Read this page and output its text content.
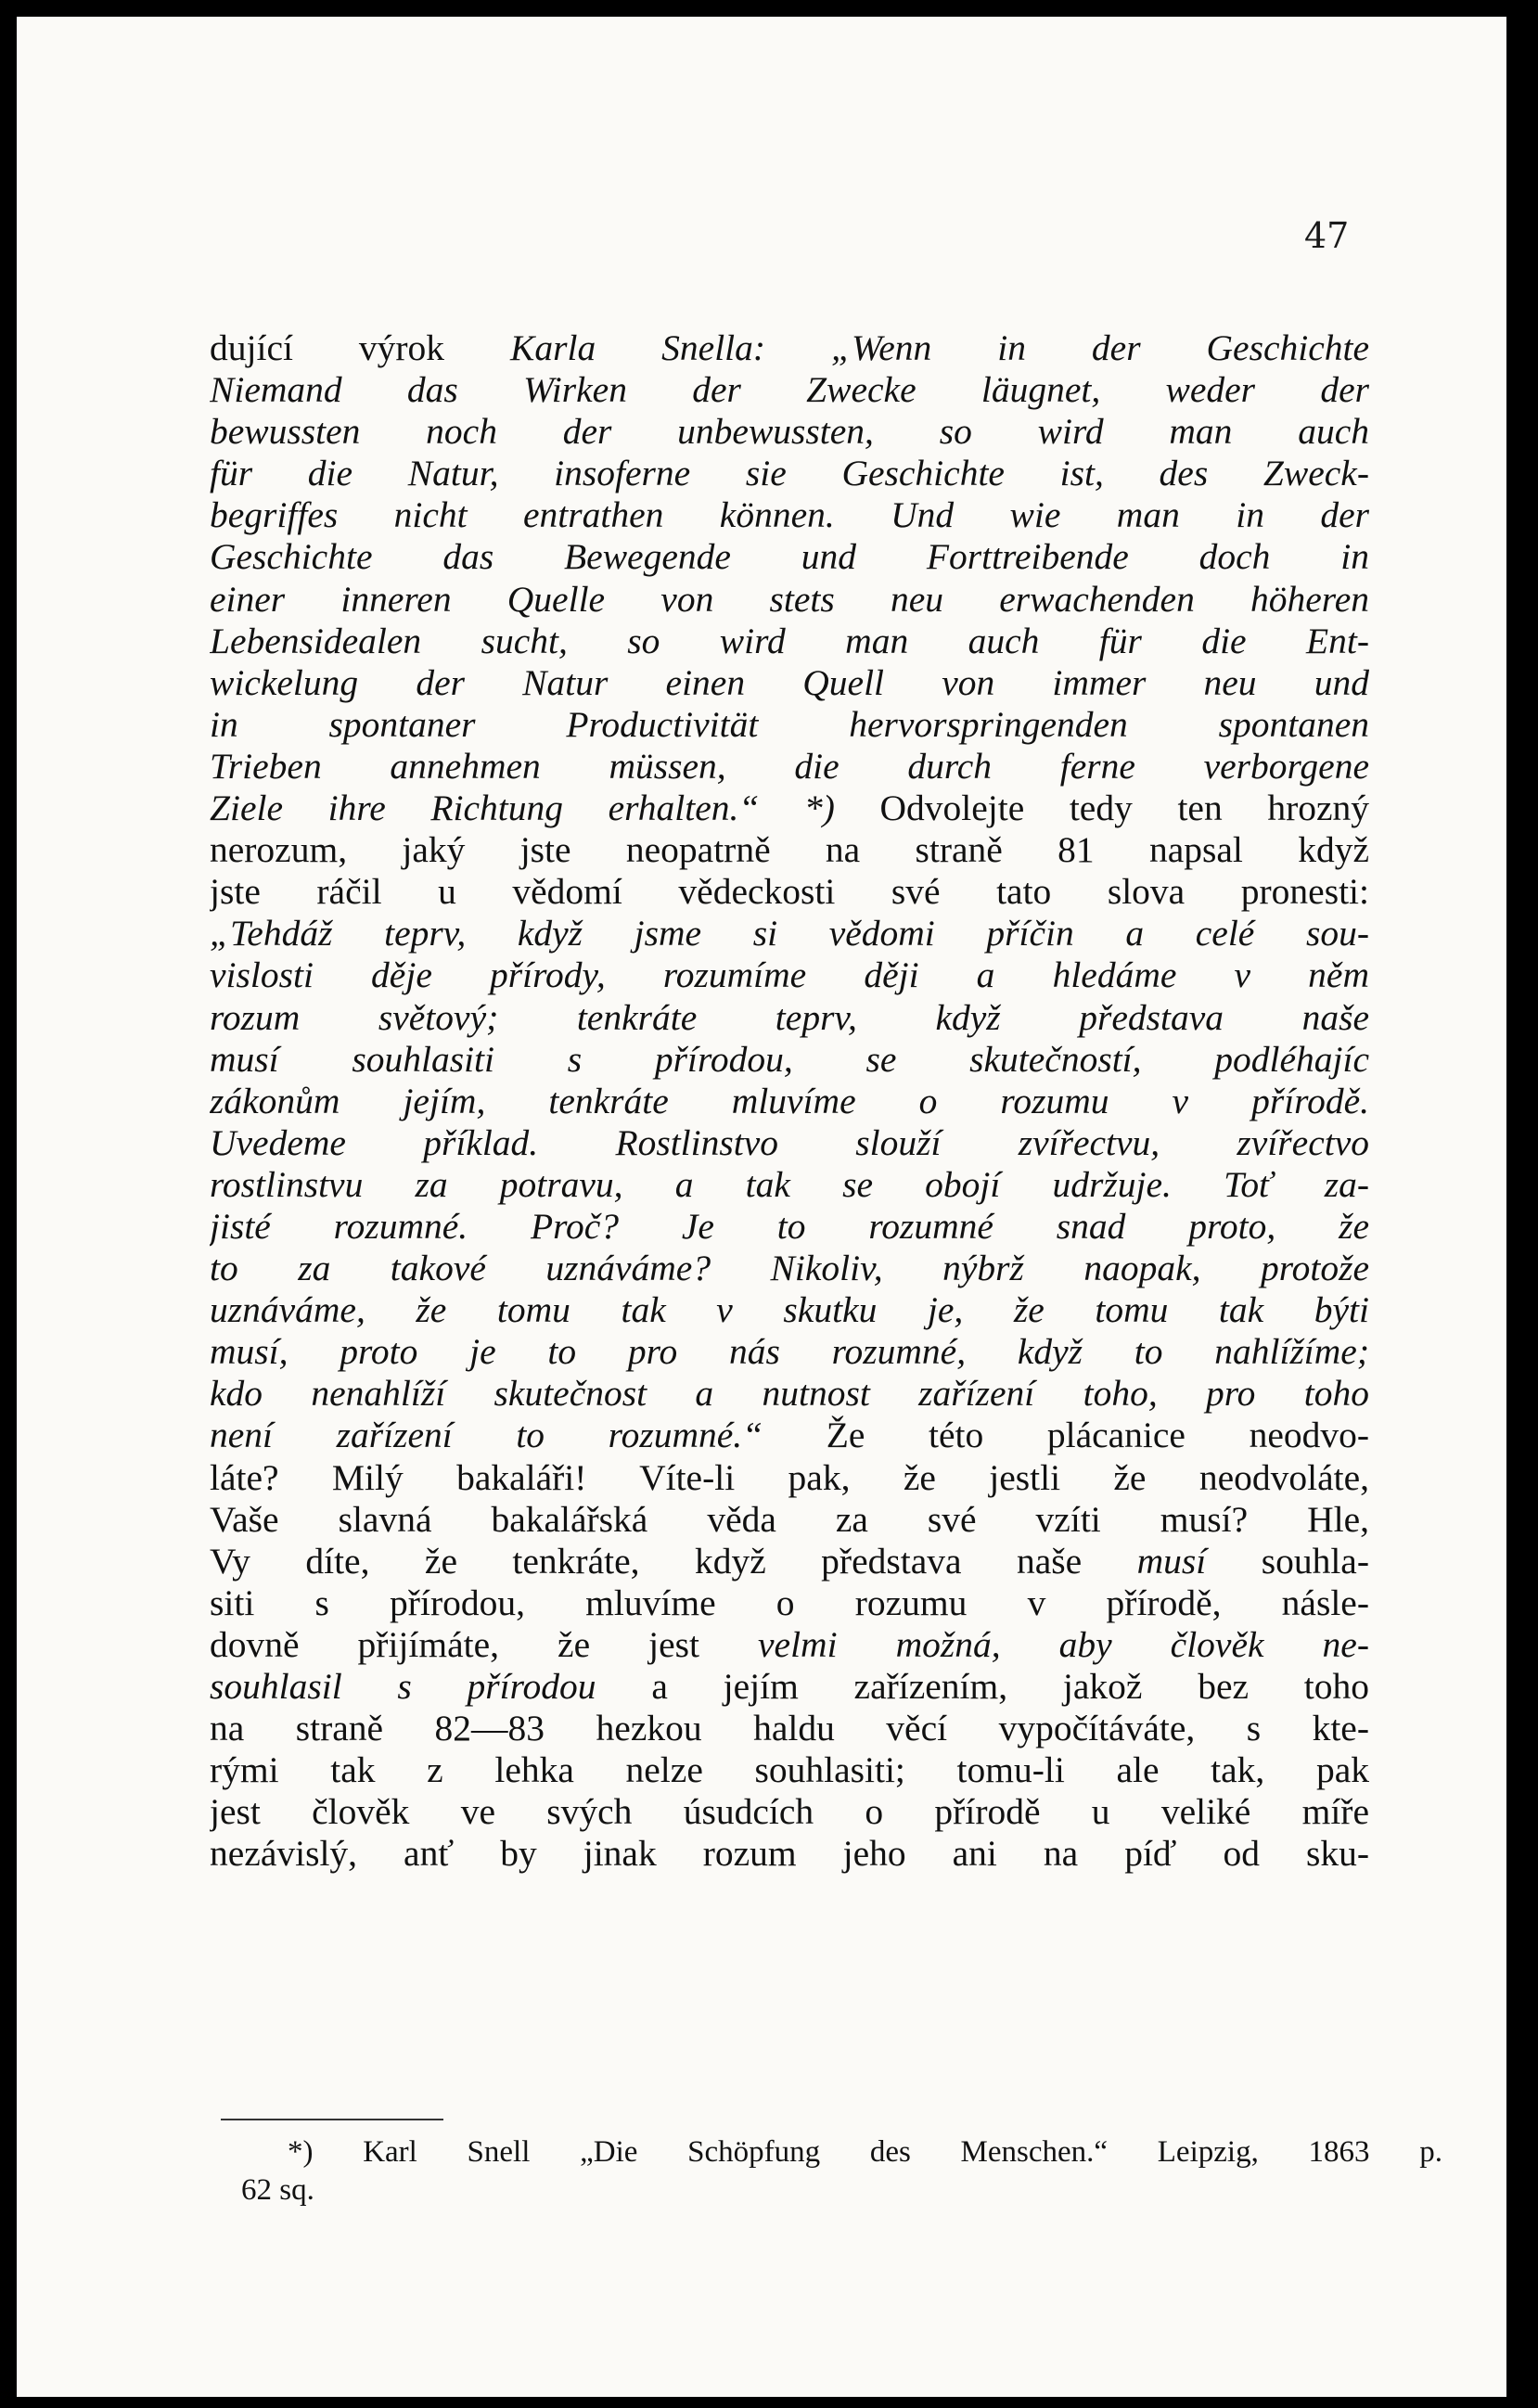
47

dující výrok Karla Snella: „Wenn in der Geschichte
Niemand das Wirken der Zwecke läugnet, weder der
bewussten noch der unbewussten, so wird man auch
für die Natur, insoferne sie Geschichte ist, des Zweck-
begriffes nicht entrathen können. Und wie man in der
Geschichte das Bewegende und Forttreibende doch in
einer inneren Quelle von stets neu erwachenden höheren
Lebensidealen sucht, so wird man auch für die Ent-
wickelung der Natur einen Quell von immer neu und
in spontaner Productivität hervorspringenden spontanen
Trieben annehmen müssen, die durch ferne verborgene
Ziele ihre Richtung erhalten.“ *) Odvolejte tedy ten hrozný
nerozum, jaký jste neopatrně na straně 81 napsal když
jste ráčil u vědomí vědeckosti své tato slova pronesti:
„Tehdáž teprv, když jsme si vědomi příčin a celé sou-
vislosti děje přírody, rozumíme ději a hledáme v něm
rozum světový; tenkráte teprv, když představa naše
musí souhlasiti s přírodou, se skutečností, podléhajíc
zákonům jejím, tenkráte mluvíme o rozumu v přírodě.
Uvedeme příklad. Rostlinstvo slouží zvířectvu, zvířectvo
rostlinstvu za potravu, a tak se obojí udržuje. Toť za-
jisté rozumné. Proč? Je to rozumné snad proto, že
to za takové uznáváme? Nikoliv, nýbrž naopak, protože
uznáváme, že tomu tak v skutku je, že tomu tak býti
musí, proto je to pro nás rozumné, když to nahlížíme;
kdo nenahlíží skutečnost a nutnost zařízení toho, pro toho
není zařízení to rozumné.“ Že této plácanice neodvo-
láte? Milý bakaláři! Víte-li pak, že jestli že neodvoláte,
Vaše slavná bakalářská věda za své vzíti musí? Hle,
Vy díte, že tenkráte, když představa naše musí souhla-
siti s přírodou, mluvíme o rozumu v přírodě, násle-
dovně přijímáte, že jest velmi možná, aby člověk ne-
souhlasil s přírodou a jejím zařízením, jakož bez toho
na straně 82—83 hezkou haldu věcí vypočítáváte, s kte-
rými tak z lehka nelze souhlasiti; tomu-li ale tak, pak
jest člověk ve svých úsudcích o přírodě u veliké míře
nezávislý, anť by jinak rozum jeho ani na píď od sku-
*) Karl Snell „Die Schöpfung des Menschen.“ Leipzig, 1863 p.
62 sq.
